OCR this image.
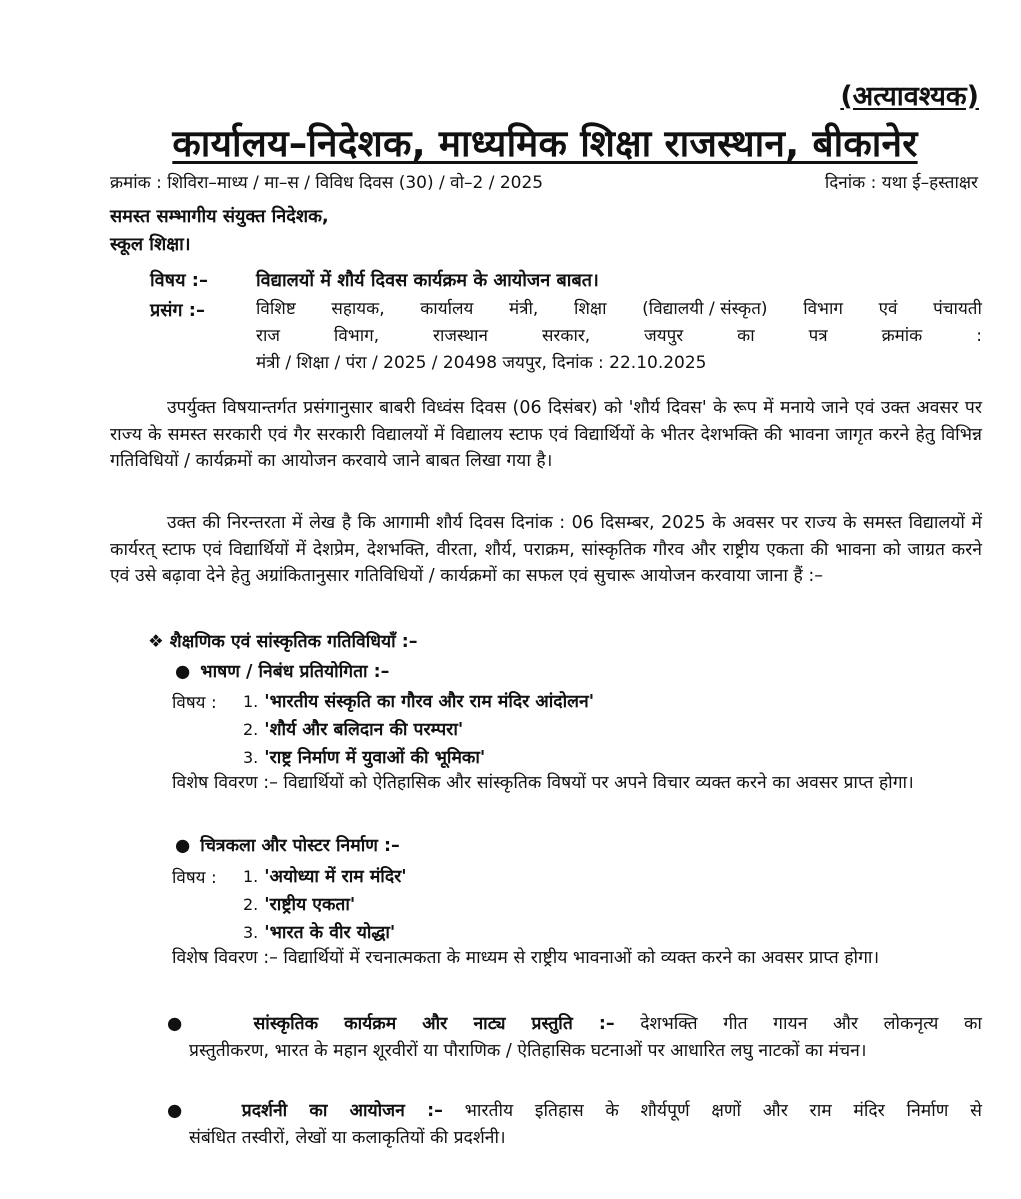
(अत्यावश्यक)
कार्यालय–निदेशक, माध्यमिक शिक्षा राजस्थान, बीकानेर
क्रमांक : शिविरा–माध्य / मा–स / विविध दिवस (30) / वो–2 / 2025	दिनांक : यथा ई–हस्ताक्षर
समस्त सम्भागीय संयुक्त निदेशक,
स्कूल शिक्षा।
विषय :–	विद्यालयों में शौर्य दिवस कार्यक्रम के आयोजन बाबत।
प्रसंग :–	विशिष्ट सहायक, कार्यालय मंत्री, शिक्षा (विद्यालयी / संस्कृत) विभाग एवं पंचायती
राज	विभाग,	राजस्थान	सरकार,	जयपुर	का	पत्र	क्रमांक	:
मंत्री / शिक्षा / पंरा / 2025 / 20498 जयपुर, दिनांक : 22.10.2025
उपर्युक्त विषयान्तर्गत प्रसंगानुसार बाबरी विध्वंस दिवस (06 दिसंबर) को 'शौर्य दिवस' के रूप में मनाये जाने एवं उक्त अवसर पर राज्य के समस्त सरकारी एवं गैर सरकारी विद्यालयों में विद्यालय स्टाफ एवं विद्यार्थियों के भीतर देशभक्ति की भावना जागृत करने हेतु विभिन्न गतिविधियों / कार्यक्रमों का आयोजन करवाये जाने बाबत लिखा गया है।
उक्त की निरन्तरता में लेख है कि आगामी शौर्य दिवस दिनांक : 06 दिसम्बर, 2025 के अवसर पर राज्य के समस्त विद्यालयों में कार्यरत् स्टाफ एवं विद्यार्थियों में देशप्रेम, देशभक्ति, वीरता, शौर्य, पराक्रम, सांस्कृतिक गौरव और राष्ट्रीय एकता की भावना को जाग्रत करने एवं उसे बढ़ावा देने हेतु अग्रांकितानुसार गतिविधियों / कार्यक्रमों का सफल एवं सुचारू आयोजन करवाया जाना हैं :–
❖ शैक्षणिक एवं सांस्कृतिक गतिविधियाँ :–
● भाषण / निबंध प्रतियोगिता :–
विषय : 1. 'भारतीय संस्कृति का गौरव और राम मंदिर आंदोलन'
2. 'शौर्य और बलिदान की परम्परा'
3. 'राष्ट्र निर्माण में युवाओं की भूमिका'
विशेष विवरण :– विद्यार्थियों को ऐतिहासिक और सांस्कृतिक विषयों पर अपने विचार व्यक्त करने का अवसर प्राप्त होगा।
● चित्रकला और पोस्टर निर्माण :–
विषय : 1. 'अयोध्या में राम मंदिर'
2. 'राष्ट्रीय एकता'
3. 'भारत के वीर योद्धा'
विशेष विवरण :– विद्यार्थियों में रचनात्मकता के माध्यम से राष्ट्रीय भावनाओं को व्यक्त करने का अवसर प्राप्त होगा।
●	सांस्कृतिक कार्यक्रम और नाट्य प्रस्तुति :– देशभक्ति गीत गायन और लोकनृत्य का
प्रस्तुतीकरण, भारत के महान शूरवीरों या पौराणिक / ऐतिहासिक घटनाओं पर आधारित लघु नाटकों का मंचन।
● प्रदर्शनी का आयोजन :– भारतीय इतिहास के शौर्यपूर्ण क्षणों और राम मंदिर निर्माण से
संबंधित तस्वीरों, लेखों या कलाकृतियों की प्रदर्शनी।
